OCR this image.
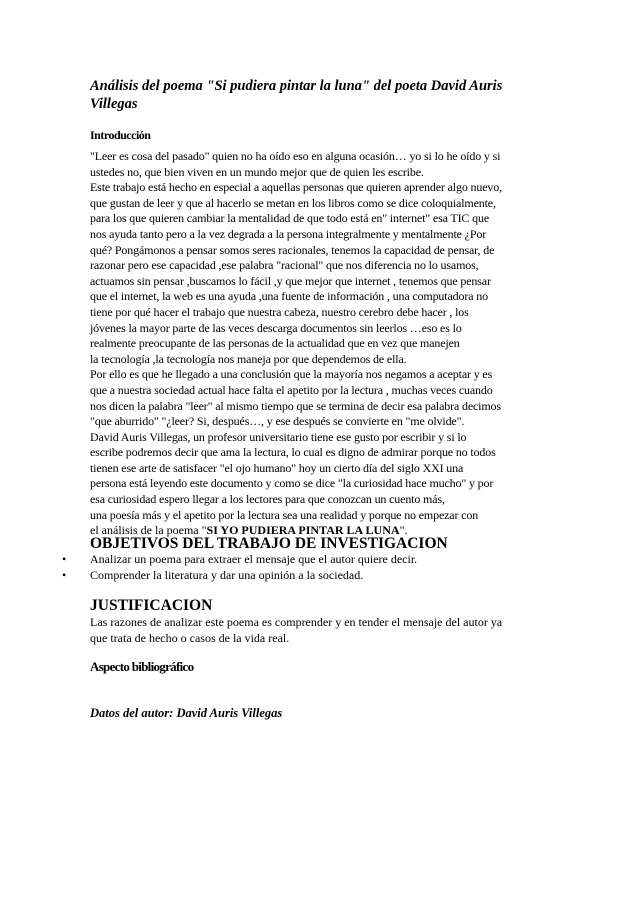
Análisis del poema "Si pudiera pintar la luna" del poeta David Auris
Villegas
Introducción
"Leer es cosa del pasado" quien no ha oído eso en alguna ocasión… yo si lo he oído y si
ustedes no, que bien viven en un mundo mejor que de quien les escribe.
Este trabajo está hecho en especial a aquellas personas que quieren aprender algo nuevo,
que gustan de leer y que al hacerlo se metan en los libros como se dice coloquialmente,
para los que quieren cambiar la mentalidad de que todo está en" internet" esa TIC que
nos ayuda tanto pero a la vez degrada a la persona integralmente y mentalmente ¿Por
qué? Pongámonos a pensar somos seres racionales, tenemos la capacidad de pensar, de
razonar pero ese capacidad ,ese palabra "racional" que nos diferencia no lo usamos,
actuamos sin pensar ,buscamos lo fácil ,y que mejor que internet , tenemos que pensar
que el internet, la web es una ayuda ,una fuente de información , una computadora no
tiene por qué hacer el trabajo que nuestra cabeza, nuestro cerebro debe hacer , los
jóvenes la mayor parte de las veces descarga documentos sin leerlos …eso es lo
realmente preocupante de las personas de la actualidad que en vez que manejen
la tecnología ,la tecnología nos maneja por que dependemos de ella.
Por ello es que he llegado a una conclusión que la mayoría nos negamos a aceptar y es
que a nuestra sociedad actual hace falta el apetito por la lectura , muchas veces cuando
nos dicen la palabra "leer" al mismo tiempo que se termina de decir esa palabra decimos
"que aburrido" "¿leer? Si, después…, y ese después se convierte en "me olvide".
David Auris Villegas, un profesor universitario tiene ese gusto por escribir y si lo
escribe podremos decir que ama la lectura, lo cual es digno de admirar porque no todos
tienen ese arte de satisfacer "el ojo humano" hoy un cierto día del siglo XXI una
persona está leyendo este documento y como se dice "la curiosidad hace mucho" y por
esa curiosidad espero llegar a los lectores para que conozcan un cuento más,
una poesía más y el apetito por la lectura sea una realidad y porque no empezar con
el análisis de la poema "SI YO PUDIERA PINTAR LA LUNA".
OBJETIVOS DEL TRABAJO DE INVESTIGACION
• Analizar un poema para extraer el mensaje que el autor quiere decir.
• Comprender la literatura y dar una opinión a la sociedad.
JUSTIFICACION
Las razones de analizar este poema es comprender y en tender el mensaje del autor ya
que trata de hecho o casos de la vida real.
Aspecto bibliográfico
Datos del autor: David Auris Villegas
